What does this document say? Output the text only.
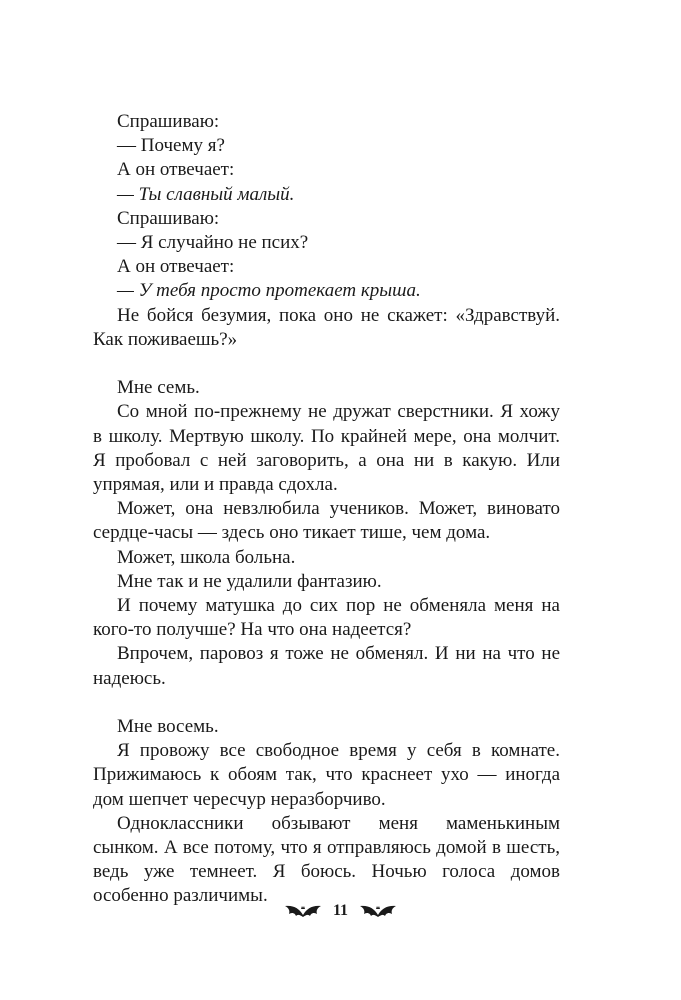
Спрашиваю:

— Почему я?

А он отвечает:

— Ты славный малый.

Спрашиваю:

— Я случайно не псих?

А он отвечает:

— У тебя просто протекает крыша.

Не бойся безумия, пока оно не скажет: «Здравствуй. Как поживаешь?»

Мне семь.

Со мной по-прежнему не дружат сверстники. Я хожу в школу. Мертвую школу. По крайней мере, она молчит. Я пробовал с ней заговорить, а она ни в какую. Или упрямая, или и правда сдохла.

Может, она невзлюбила учеников. Может, виновато сердце-часы — здесь оно тикает тише, чем дома.

Может, школа больна.

Мне так и не удалили фантазию.

И почему матушка до сих пор не обменяла меня на кого-то получше? На что она надеется?

Впрочем, паровоз я тоже не обменял. И ни на что не надеюсь.

Мне восемь.

Я провожу все свободное время у себя в комнате. Прижимаюсь к обоям так, что краснеет ухо — иногда дом шепчет чересчур неразборчиво.

Одноклассники обзывают меня маменькиным сынком. А все потому, что я отправляюсь домой в шесть, ведь уже темнеет. Я боюсь. Ночью голоса домов особенно различимы.

11
